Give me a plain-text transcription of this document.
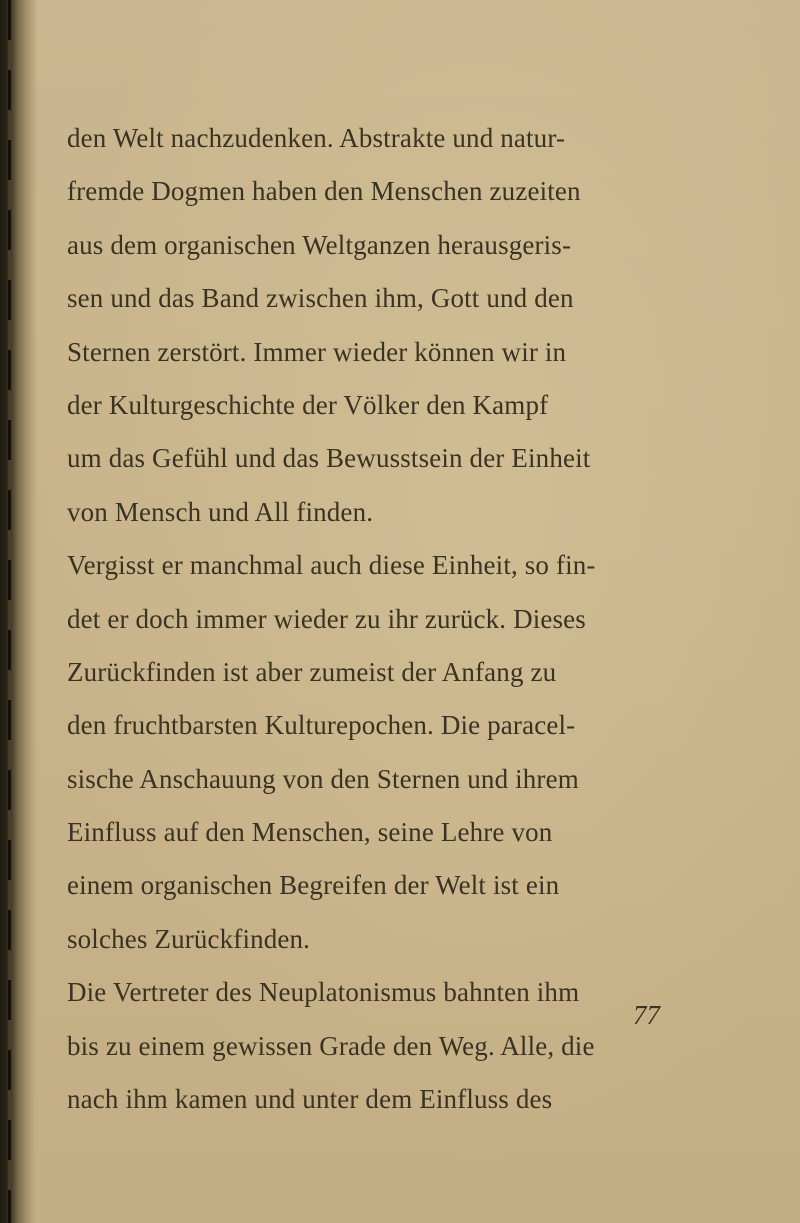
den Welt nachzudenken. Abstrakte und natur-
fremde Dogmen haben den Menschen zuzeiten
aus dem organischen Weltganzen herausgeris-
sen und das Band zwischen ihm, Gott und den
Sternen zerstört. Immer wieder können wir in
der Kulturgeschichte der Völker den Kampf
um das Gefühl und das Bewusstsein der Einheit
von Mensch und All finden.
Vergisst er manchmal auch diese Einheit, so fin-
det er doch immer wieder zu ihr zurück. Dieses
Zurückfinden ist aber zumeist der Anfang zu
den fruchtbarsten Kulturepochen. Die paracel-
sische Anschauung von den Sternen und ihrem
Einfluss auf den Menschen, seine Lehre von
einem organischen Begreifen der Welt ist ein
solches Zurückfinden.
Die Vertreter des Neuplatonismus bahnten ihm
bis zu einem gewissen Grade den Weg. Alle, die
nach ihm kamen und unter dem Einfluss des
77
